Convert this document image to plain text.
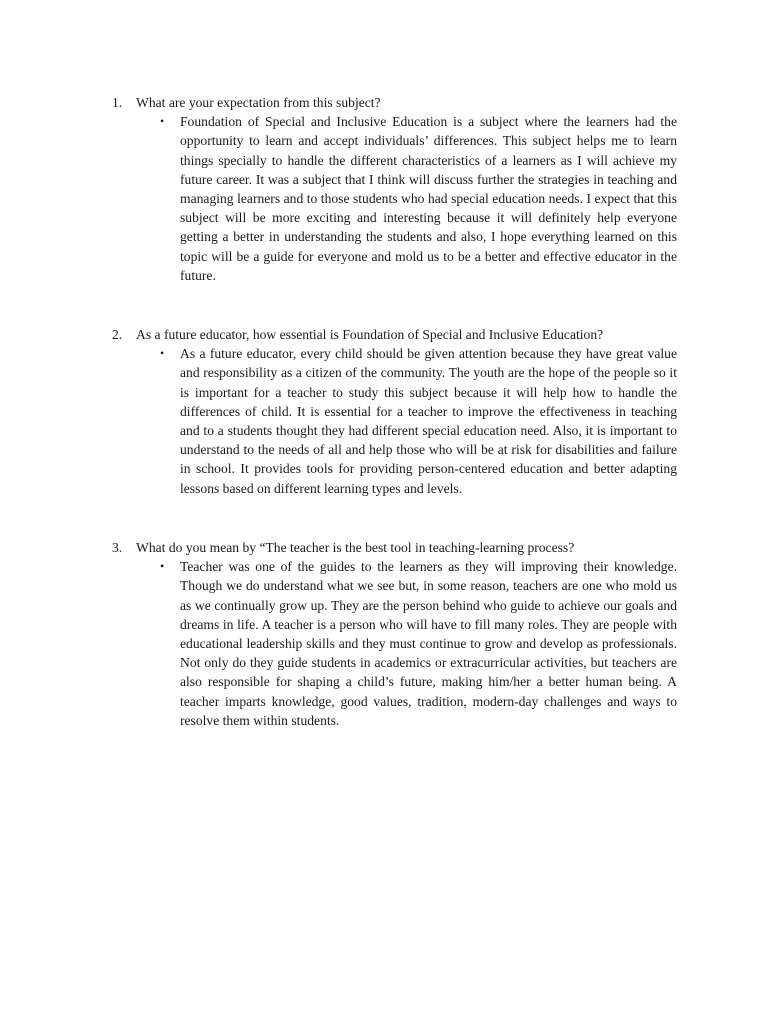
1.	What are your expectation from this subject?
•	Foundation of Special and Inclusive Education is a subject where the learners had the opportunity to learn and accept individuals’ differences. This subject helps me to learn things specially to handle the different characteristics of a learners as I will achieve my future career. It was a subject that I think will discuss further the strategies in teaching and managing learners and to those students who had special education needs. I expect that this subject will be more exciting and interesting because it will definitely help everyone getting a better in understanding the students and also, I hope everything learned on this topic will be a guide for everyone and mold us to be a better and effective educator in the future.
2.	As a future educator, how essential is Foundation of Special and Inclusive Education?
•	As a future educator, every child should be given attention because they have great value and responsibility as a citizen of the community. The youth are the hope of the people so it is important for a teacher to study this subject because it will help how to handle the differences of child. It is essential for a teacher to improve the effectiveness in teaching and to a students thought they had different special education need. Also, it is important to understand to the needs of all and help those who will be at risk for disabilities and failure in school. It provides tools for providing person-centered education and better adapting lessons based on different learning types and levels.
3.	What do you mean by “The teacher is the best tool in teaching-learning process?
•	Teacher was one of the guides to the learners as they will improving their knowledge. Though we do understand what we see but, in some reason, teachers are one who mold us as we continually grow up. They are the person behind who guide to achieve our goals and dreams in life. A teacher is a person who will have to fill many roles. They are people with educational leadership skills and they must continue to grow and develop as professionals. Not only do they guide students in academics or extracurricular activities, but teachers are also responsible for shaping a child’s future, making him/her a better human being. A teacher imparts knowledge, good values, tradition, modern-day challenges and ways to resolve them within students.
